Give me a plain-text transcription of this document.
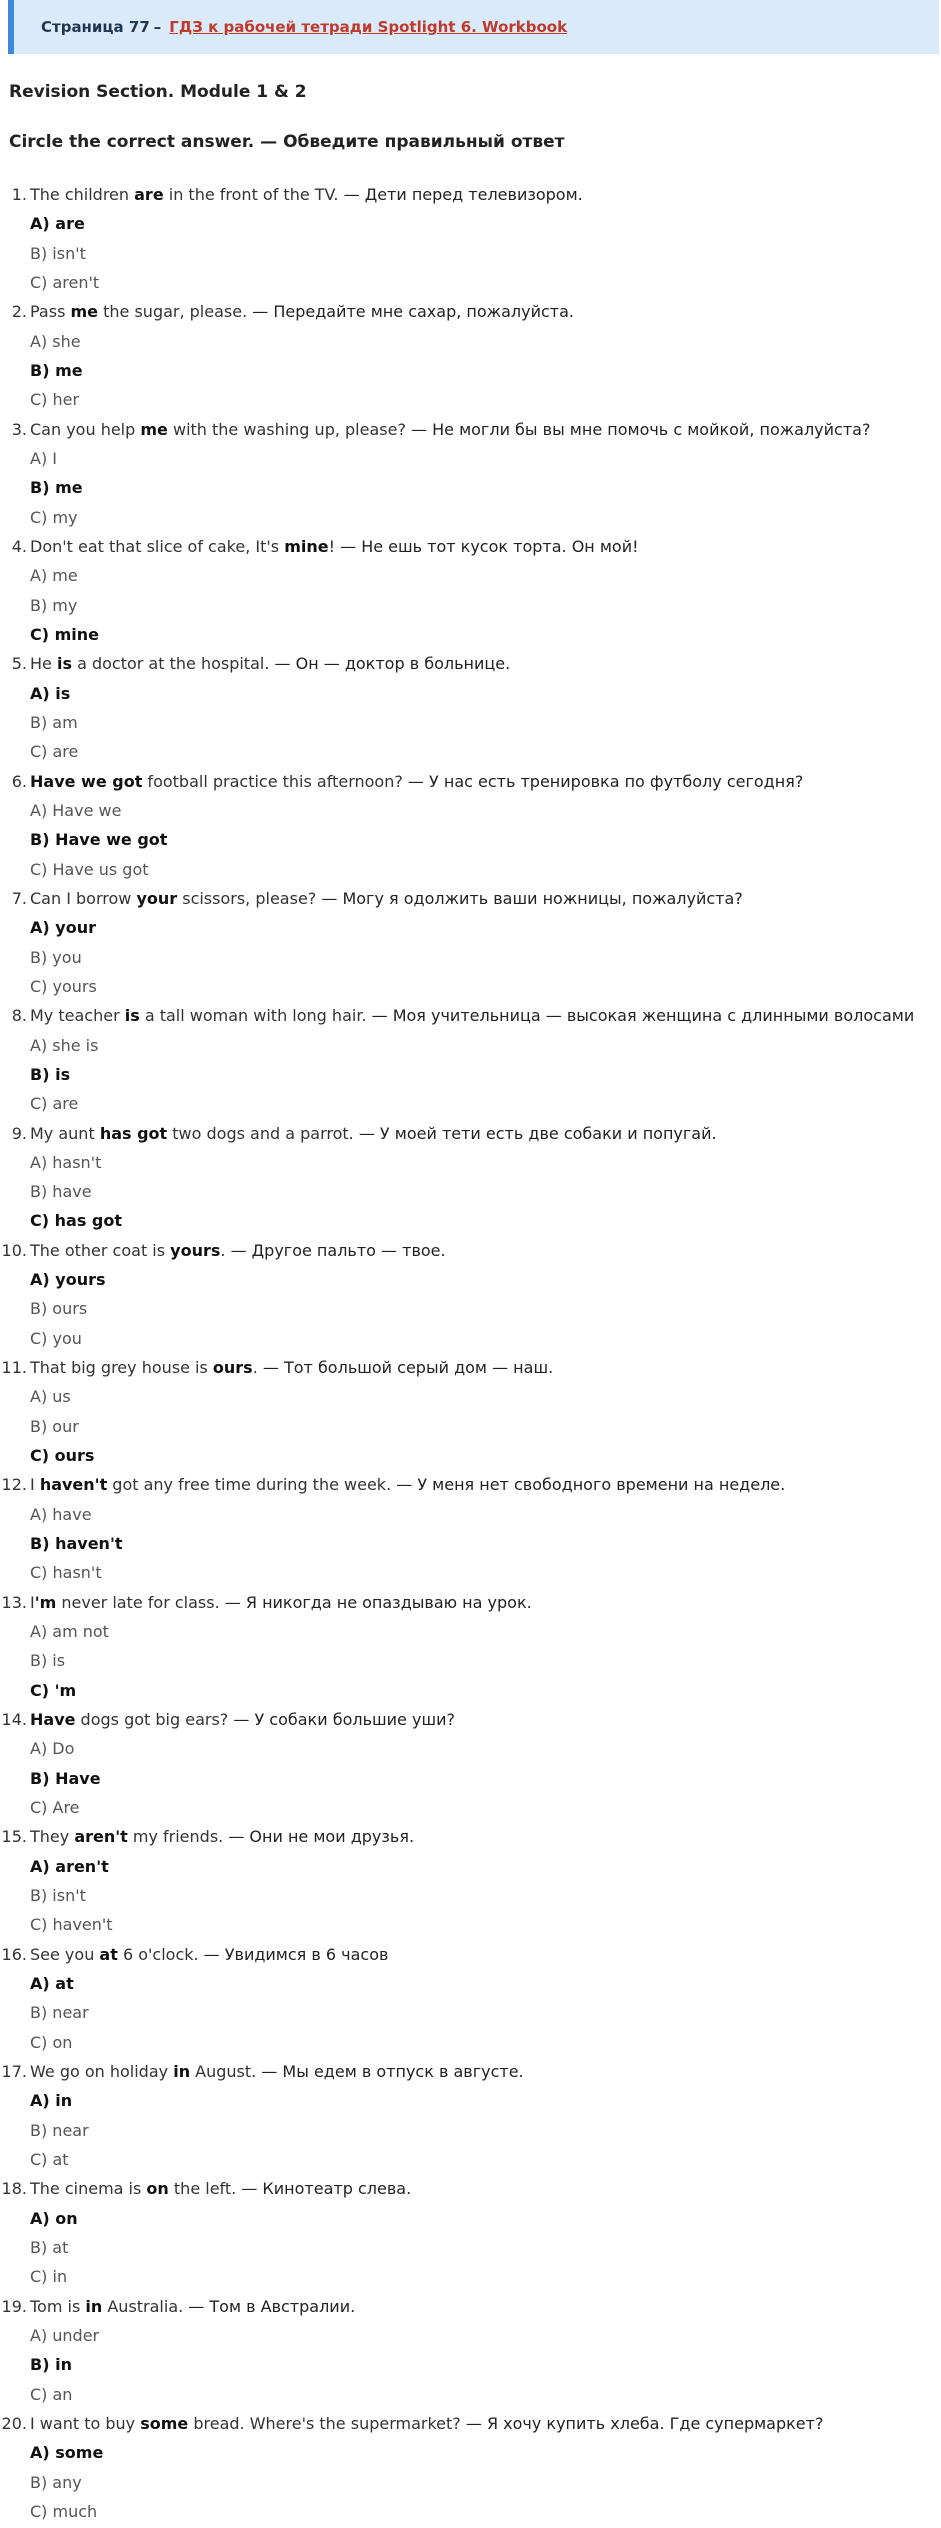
Страница 77 – ГДЗ к рабочей тетради Spotlight 6. Workbook
Revision Section. Module 1 & 2
Circle the correct answer. — Обведите правильный ответ
1. The children are in the front of the TV. — Дети перед телевизором.
A) are
B) isn't
C) aren't
2. Pass me the sugar, please. — Передайте мне сахар, пожалуйста.
A) she
B) me
C) her
3. Can you help me with the washing up, please? — Не могли бы вы мне помочь с мойкой, пожалуйста?
A) I
B) me
C) my
4. Don't eat that slice of cake, It's mine! — Не ешь тот кусок торта. Он мой!
A) me
B) my
C) mine
5. He is a doctor at the hospital. — Он — доктор в больнице.
A) is
B) am
C) are
6. Have we got football practice this afternoon? — У нас есть тренировка по футболу сегодня?
A) Have we
B) Have we got
C) Have us got
7. Can I borrow your scissors, please? — Могу я одолжить ваши ножницы, пожалуйста?
A) your
B) you
C) yours
8. My teacher is a tall woman with long hair. — Моя учительница — высокая женщина с длинными волосами
A) she is
B) is
C) are
9. My aunt has got two dogs and a parrot. — У моей тети есть две собаки и попугай.
A) hasn't
B) have
C) has got
10. The other coat is yours. — Другое пальто — твое.
A) yours
B) ours
C) you
11. That big grey house is ours. — Тот большой серый дом — наш.
A) us
B) our
C) ours
12. I haven't got any free time during the week. — У меня нет свободного времени на неделе.
A) have
B) haven't
C) hasn't
13. I'm never late for class. — Я никогда не опаздываю на урок.
A) am not
B) is
C) 'm
14. Have dogs got big ears? — У собаки большие уши?
A) Do
B) Have
C) Are
15. They aren't my friends. — Они не мои друзья.
A) aren't
B) isn't
C) haven't
16. See you at 6 o'clock. — Увидимся в 6 часов
A) at
B) near
C) on
17. We go on holiday in August. — Мы едем в отпуск в августе.
A) in
B) near
C) at
18. The cinema is on the left. — Кинотеатр слева.
A) on
B) at
C) in
19. Tom is in Australia. — Том в Австралии.
A) under
B) in
C) an
20. I want to buy some bread. Where's the supermarket? — Я хочу купить хлеба. Где супермаркет?
A) some
B) any
C) much
